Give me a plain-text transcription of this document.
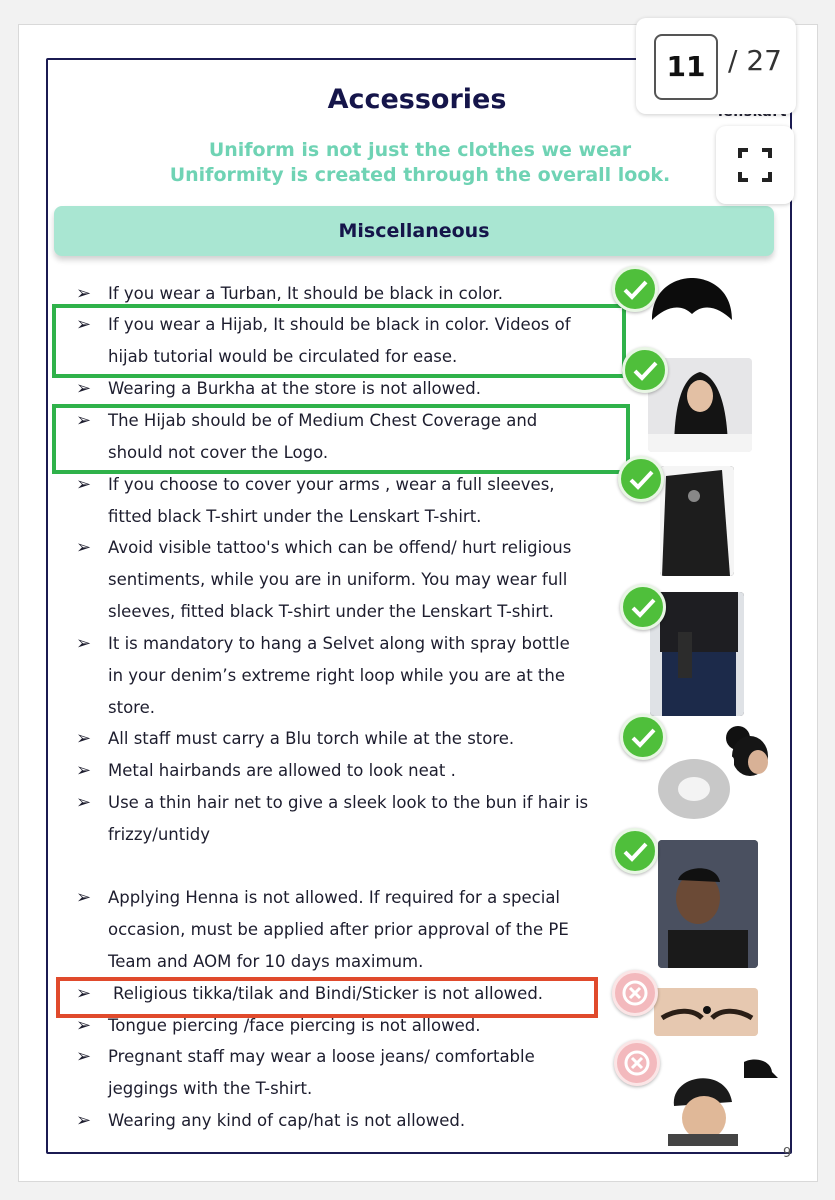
Accessories
Uniform is not just the clothes we wear
Uniformity is created through the overall look.
Miscellaneous
➢
➢
➢
➢
➢
➢
➢
➢
➢
➢
➢
➢
➢
➢
➢
If you wear a Turban, It should be black in color.
If you wear a Hijab, It should be black in color. Videos of
hijab tutorial would be circulated for ease.
Wearing a Burkha at the store is not allowed.
The Hijab should be of Medium Chest Coverage and
should not cover the Logo.
If you choose to cover your arms , wear a full sleeves,
fitted black T-shirt under the Lenskart T-shirt.
Avoid visible tattoo's which can be offend/ hurt religious
sentiments, while you are in uniform. You may wear full
sleeves, fitted black T-shirt under the Lenskart T-shirt.
It is mandatory to hang a Selvet along with spray bottle
in your denim’s extreme right loop while you are at the
store.
All staff must carry a Blu torch while at the store.
Metal hairbands are allowed to look neat .
Use a thin hair net to give a sleek look to the bun if hair is
frizzy/untidy
Applying Henna is not allowed. If required for a special
occasion, must be applied after prior approval of the PE
Team and AOM for 10 days maximum.
Religious tikka/tilak and Bindi/Sticker is not allowed.
Tongue piercing /face piercing is not allowed.
Pregnant staff may wear a loose jeans/ comfortable
jeggings with the T-shirt.
Wearing any kind of cap/hat is not allowed.
11 / 27
9
